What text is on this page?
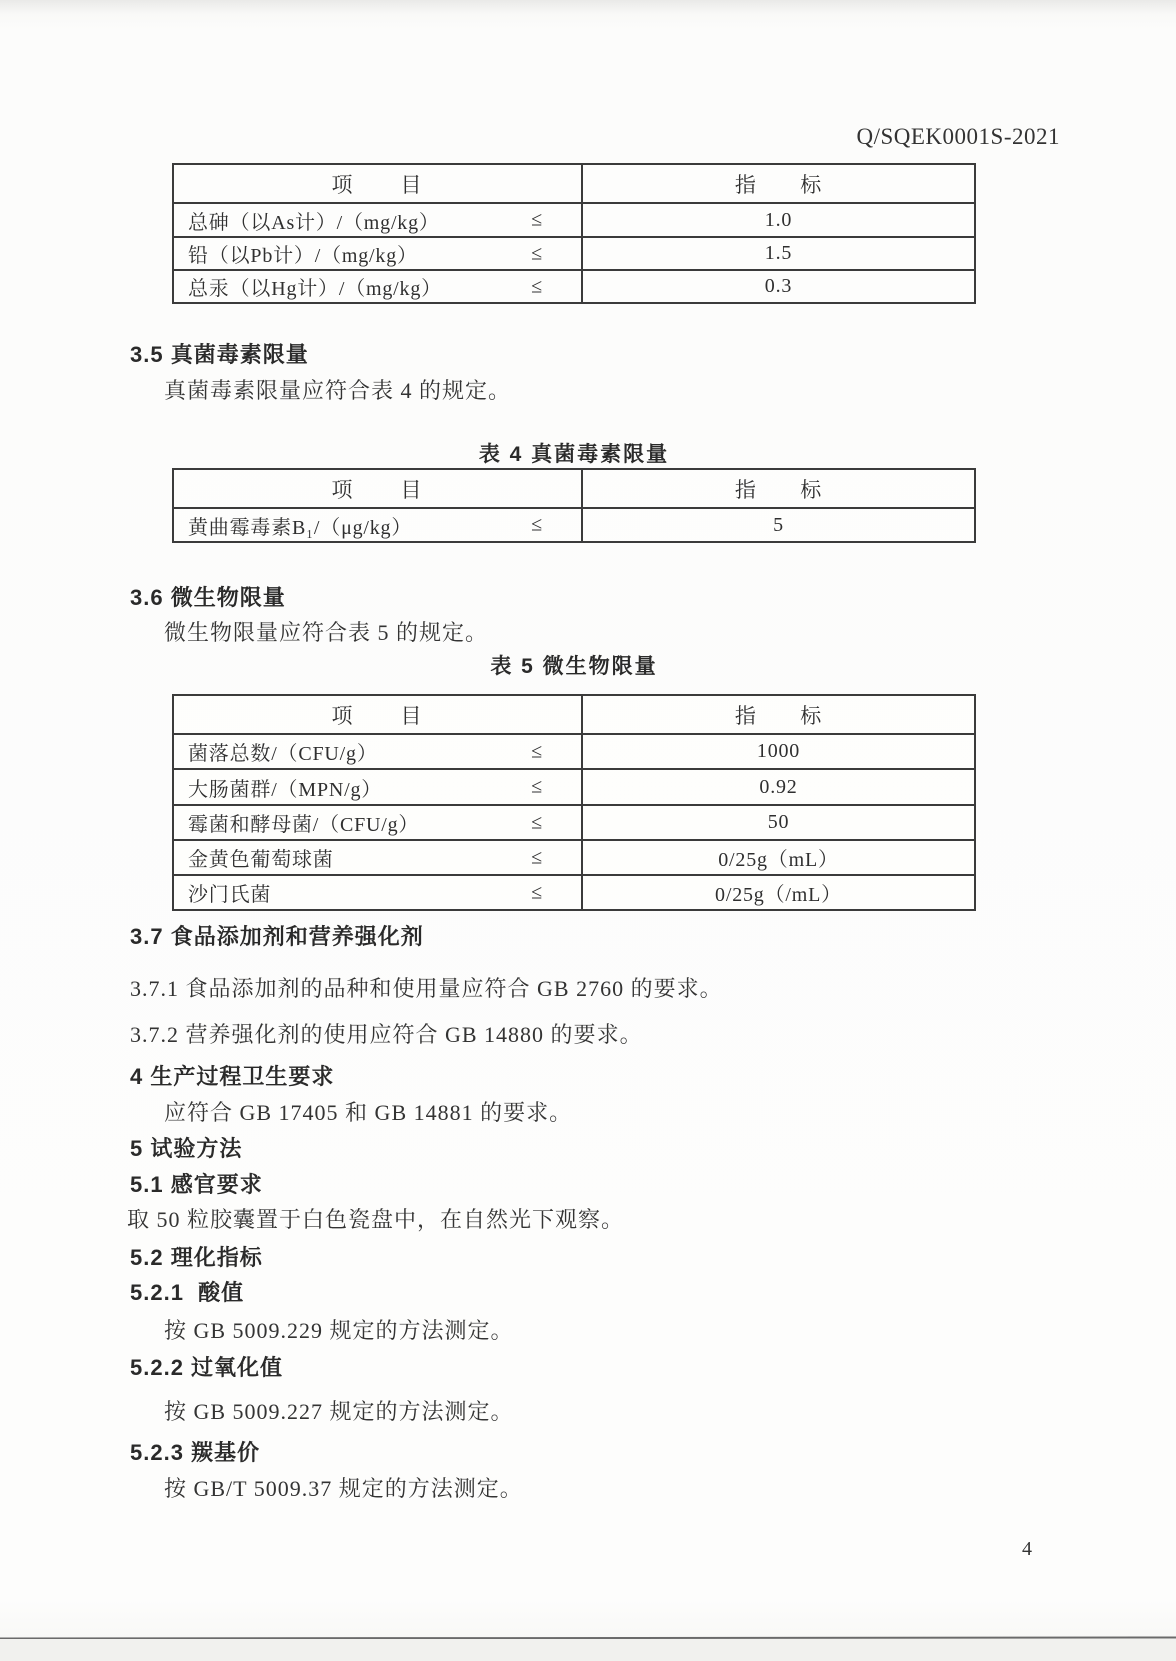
Q/SQEK0001S-2021
项　　目	指　　标
总砷（以As计）/（mg/kg）	≤	1.0
铅（以Pb计）/（mg/kg）	≤	1.5
总汞（以Hg计）/（mg/kg）	≤	0.3
3.5 真菌毒素限量
真菌毒素限量应符合表 4 的规定。
表 4 真菌毒素限量
项　　目	指　　标
黄曲霉毒素B₁/（μg/kg）	≤	5
3.6 微生物限量
微生物限量应符合表 5 的规定。
表 5 微生物限量
项　　目	指　　标
菌落总数/（CFU/g）	≤	1000
大肠菌群/（MPN/g）	≤	0.92
霉菌和酵母菌/（CFU/g）	≤	50
金黄色葡萄球菌	≤	0/25g（mL）
沙门氏菌	≤	0/25g（/mL）
3.7 食品添加剂和营养强化剂
3.7.1 食品添加剂的品种和使用量应符合 GB 2760 的要求。
3.7.2 营养强化剂的使用应符合 GB 14880 的要求。
4 生产过程卫生要求
应符合 GB 17405 和 GB 14881 的要求。
5 试验方法
5.1 感官要求
取 50 粒胶囊置于白色瓷盘中，在自然光下观察。
5.2 理化指标
5.2.1  酸值
按 GB 5009.229 规定的方法测定。
5.2.2 过氧化值
按 GB 5009.227 规定的方法测定。
5.2.3 羰基价
按 GB/T 5009.37 规定的方法测定。
4
